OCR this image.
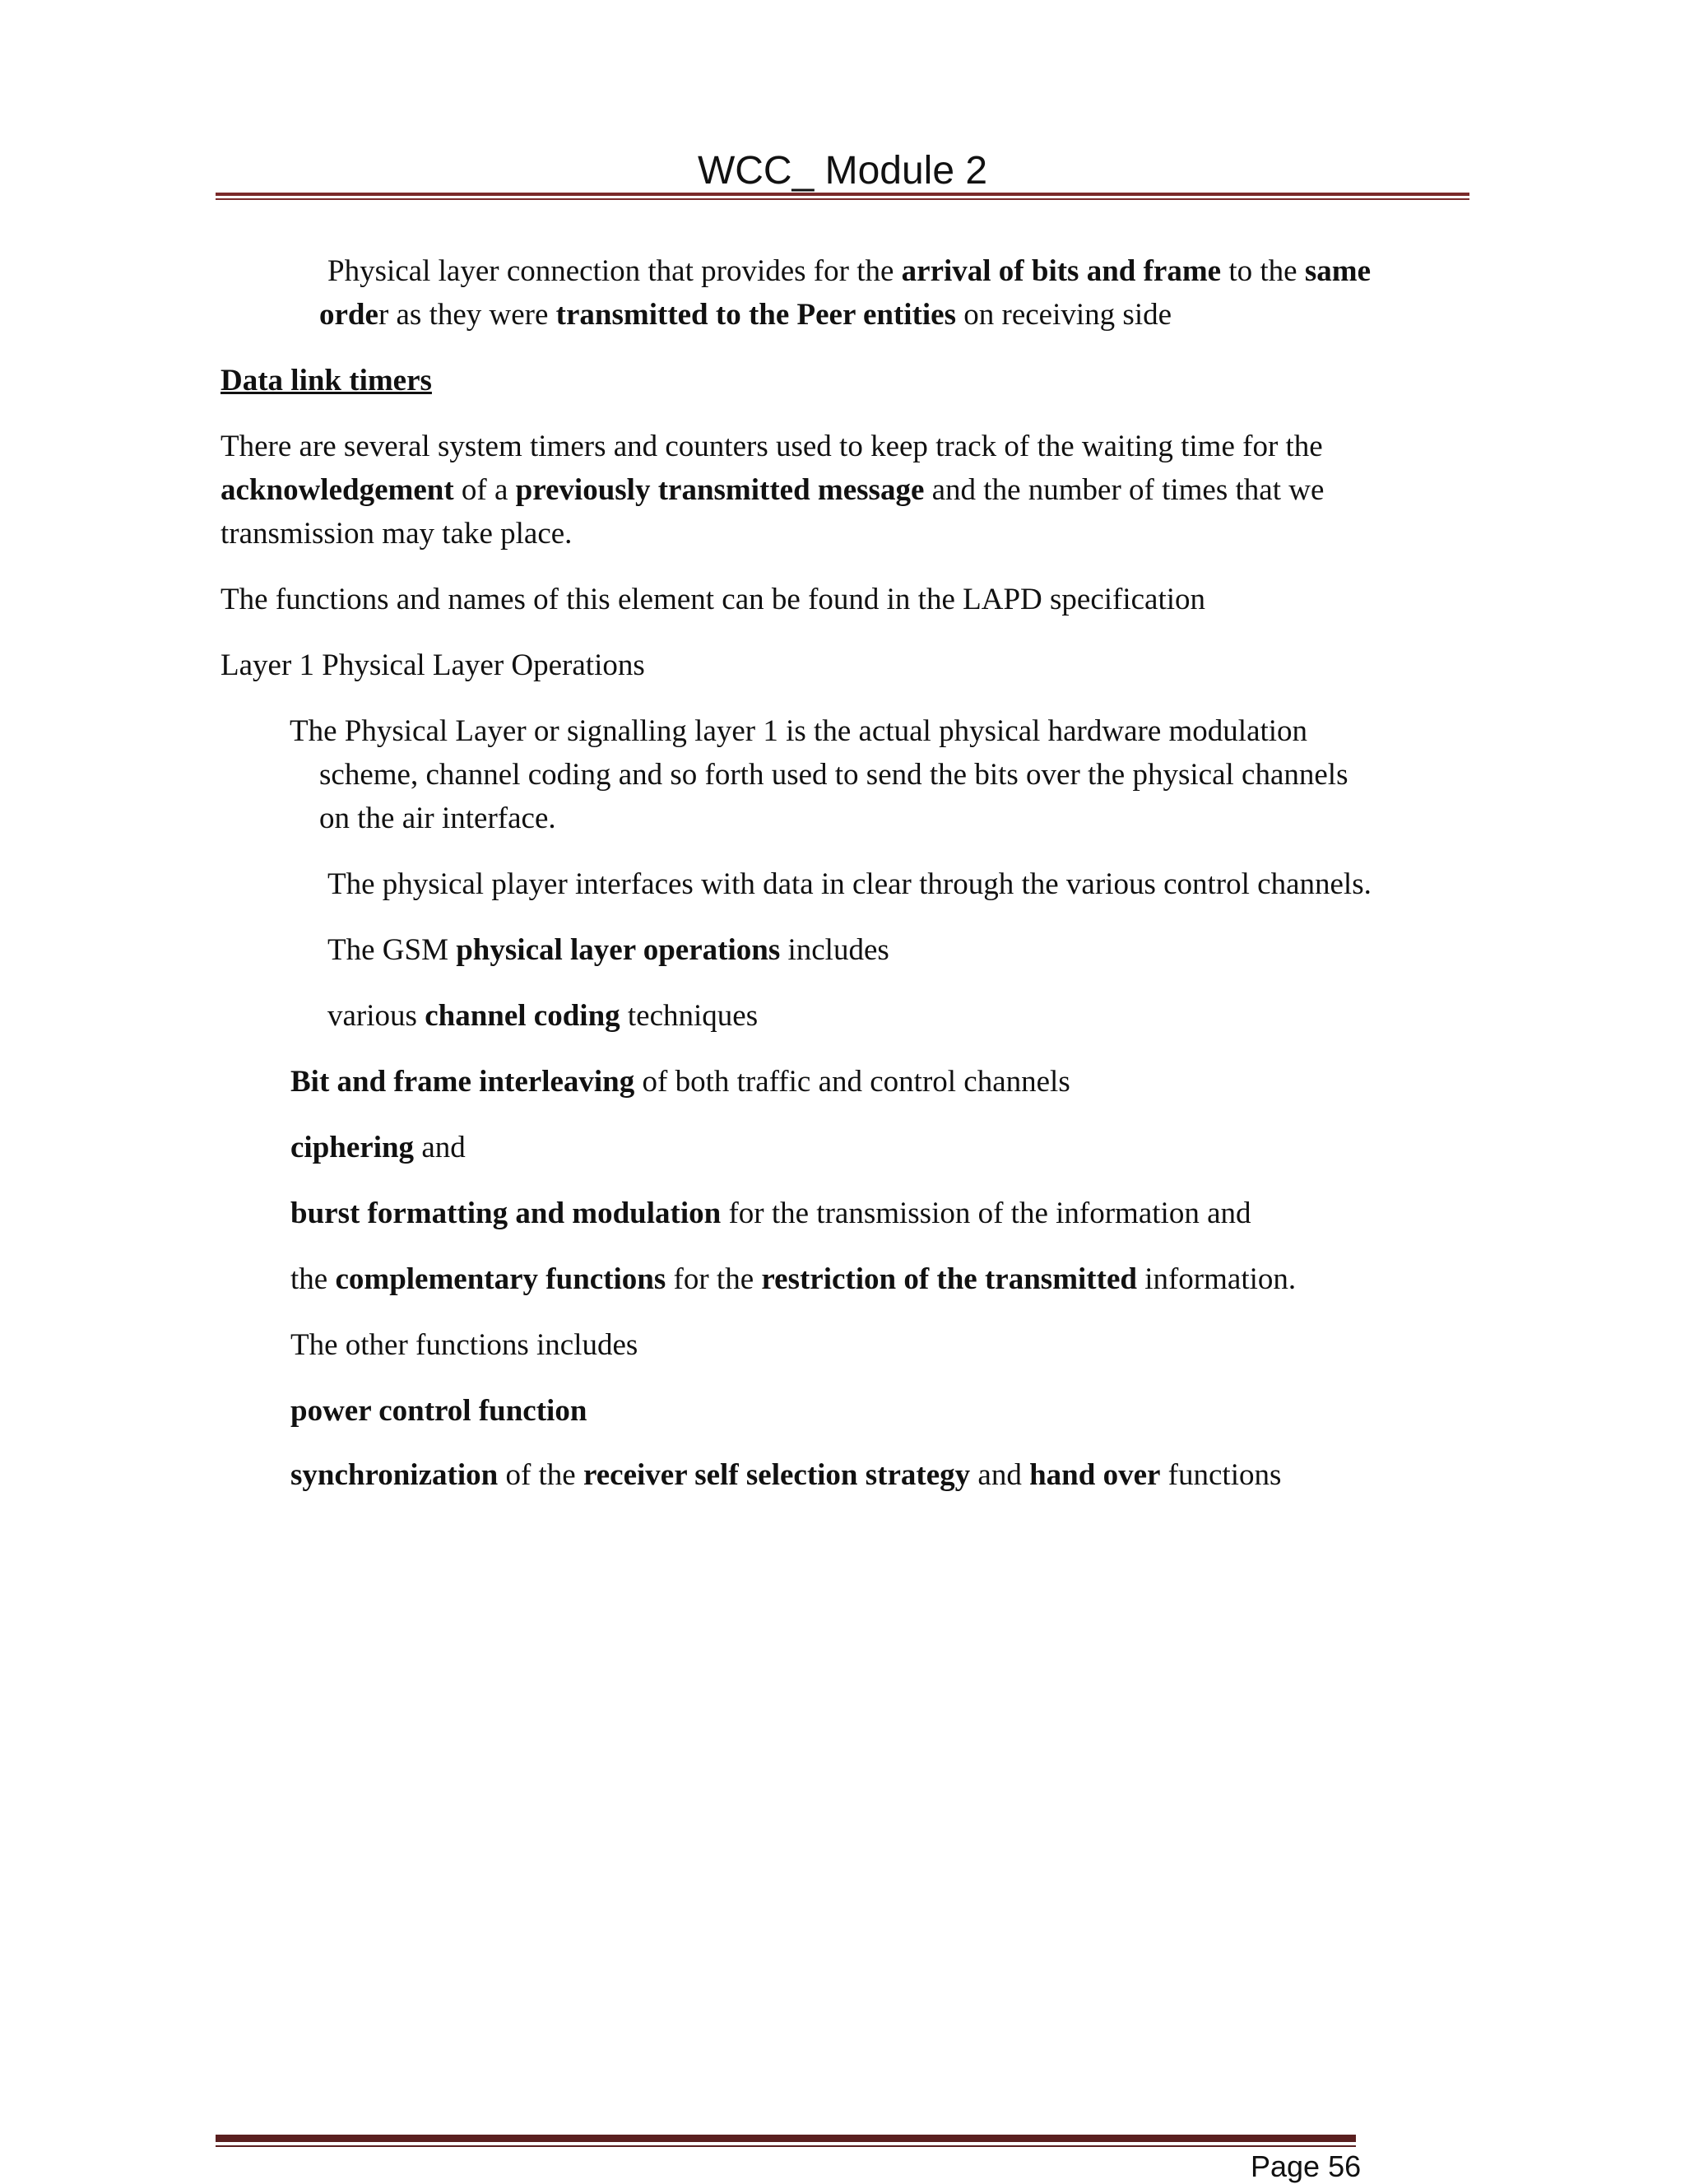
WCC_ Module 2
Physical layer connection that provides for the arrival of bits and frame to the same
order as they were transmitted to the Peer entities on receiving side
Data link timers
There are several system timers and counters used to keep track of the waiting time for the
acknowledgement of a previously transmitted message and the number of times that we
transmission may take place.
The functions and names of this element can be found in the LAPD specification
Layer 1 Physical Layer Operations
The Physical Layer or signalling layer 1 is the actual physical hardware modulation
scheme, channel coding and so forth used to send the bits over the physical channels
on the air interface.
The physical player interfaces with data in clear through the various control channels.
The GSM physical layer operations includes
various channel coding techniques
Bit and frame interleaving of both traffic and control channels
ciphering and
burst formatting and modulation for the transmission of the information and
the complementary functions for the restriction of the transmitted information.
The other functions includes
power control function
synchronization of the receiver self selection strategy and hand over functions
Page 56
